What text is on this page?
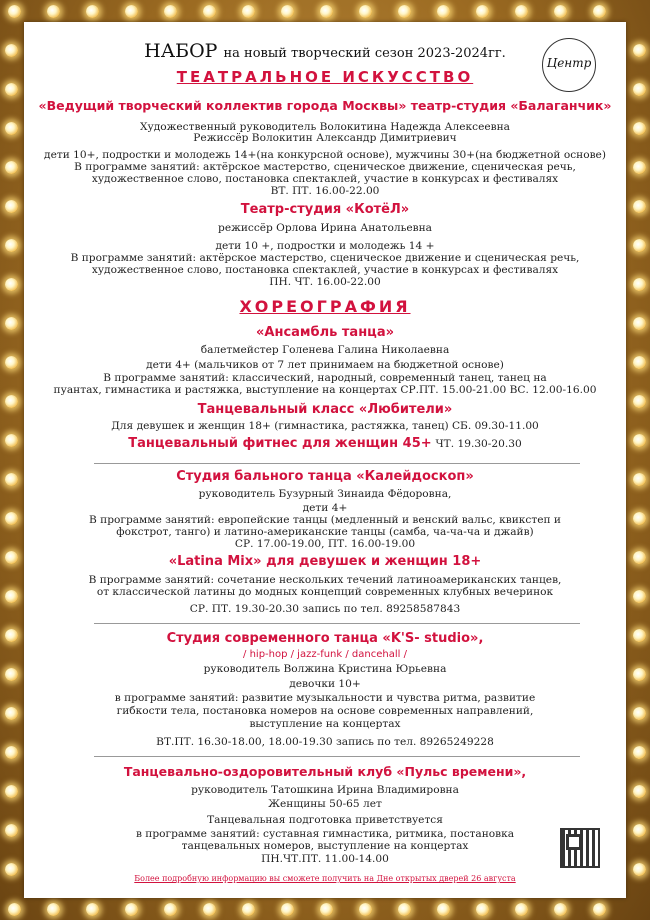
НАБОР на новый творческий сезон 2023-2024гг.
Центр
ТЕАТРАЛЬНОЕ ИСКУССТВО
«Ведущий творческий коллектив города Москвы» театр-студия «Балаганчик»
Художественный руководитель Волокитина Надежда Алексеевна
Режиссёр Волокитин Александр Димитриевич
дети 10+, подростки и молодежь 14+(на конкурсной основе), мужчины 30+(на бюджетной основе)
В программе занятий: актёрское мастерство, сценическое движение, сценическая речь,
художественное слово, постановка спектаклей, участие в конкурсах и фестивалях
ВТ. ПТ. 16.00-22.00
Театр-студия «КотёЛ»
режиссёр Орлова Ирина Анатольевна
дети 10 +, подростки и молодежь 14 +
В программе занятий: актёрское мастерство, сценическое движение и сценическая речь,
художественное слово, постановка спектаклей, участие в конкурсах и фестивалях
ПН. ЧТ. 16.00-22.00
ХОРЕОГРАФИЯ
«Ансамбль танца»
балетмейстер Голенева Галина Николаевна
дети 4+ (мальчиков от 7 лет принимаем на бюджетной основе)
В программе занятий: классический, народный, современный танец, танец на
пуантах, гимнастика и растяжка, выступление на концертах СР.ПТ. 15.00-21.00 ВС. 12.00-16.00
Танцевальный класс «Любители»
Для девушек и женщин 18+ (гимнастика, растяжка, танец) СБ. 09.30-11.00
Танцевальный фитнес для женщин 45+ ЧТ. 19.30-20.30
Студия бального танца «Калейдоскоп»
руководитель Бузурный Зинаида Фёдоровна,
дети 4+
В программе занятий: европейские танцы (медленный и венский вальс, квикстеп и
фокстрот, танго) и латино-американские танцы (самба, ча-ча-ча и джайв)
СР. 17.00-19.00, ПТ. 16.00-19.00
«Latina Mix» для девушек и женщин 18+
В программе занятий: сочетание нескольких течений латиноамериканских танцев,
от классической латины до модных концепций современных клубных вечеринок
СР. ПТ. 19.30-20.30 запись по тел. 89258587843
Студия современного танца «K'S- studio»,
/ hip-hop / jazz-funk / dancehall /
руководитель Волжина Кристина Юрьевна
девочки 10+
в программе занятий: развитие музыкальности и чувства ритма, развитие
гибкости тела, постановка номеров на основе современных направлений,
выступление на концертах
ВТ.ПТ. 16.30-18.00, 18.00-19.30 запись по тел. 89265249228
Танцевально-оздоровительный клуб «Пульс времени»,
руководитель Татошкина Ирина Владимировна
Женщины 50-65 лет
Танцевальная подготовка приветствуется
в программе занятий: суставная гимнастика, ритмика, постановка
танцевальных номеров, выступление на концертах
ПН.ЧТ.ПТ. 11.00-14.00
Более подробную информацию вы сможете получить на Дне открытых дверей 26 августа
